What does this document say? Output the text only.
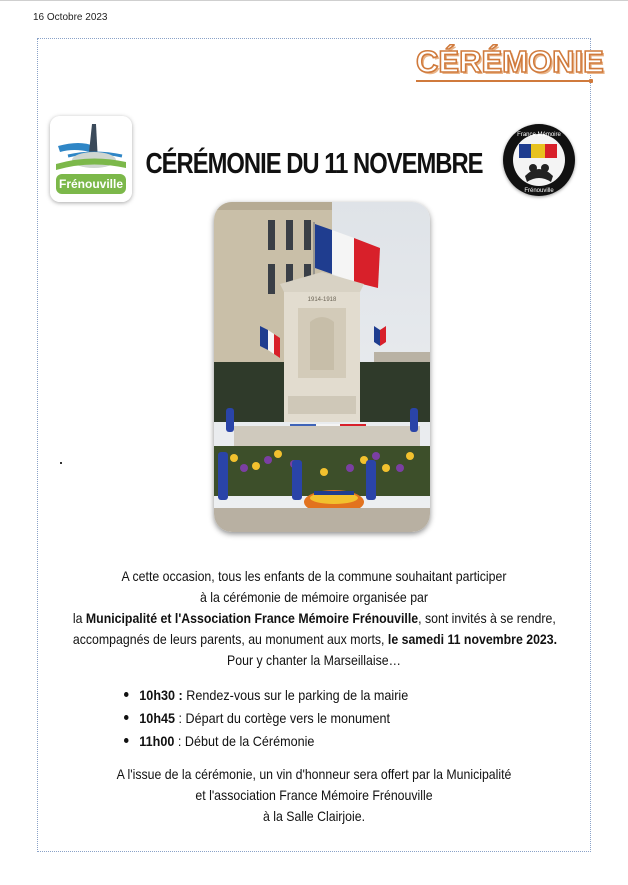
16 Octobre 2023
CÉRÉMONIE
Frénouville
France Mémoire
Frénouville
CÉRÉMONIE DU 11 NOVEMBRE
1914-1918
A cette occasion, tous les enfants de la commune souhaitant participer
à la cérémonie de mémoire organisée par
la Municipalité et l'Association France Mémoire Frénouville, sont invités à se rendre,
accompagnés de leurs parents, au monument aux morts, le samedi 11 novembre 2023.
Pour y chanter la Marseillaise…
10h30 : Rendez-vous sur le parking de la mairie
10h45 : Départ du cortège vers le monument
11h00 : Début de la Cérémonie
A l'issue de la cérémonie, un vin d'honneur sera offert par la Municipalité
et l'association France Mémoire Frénouville
à la Salle Clairjoie.
